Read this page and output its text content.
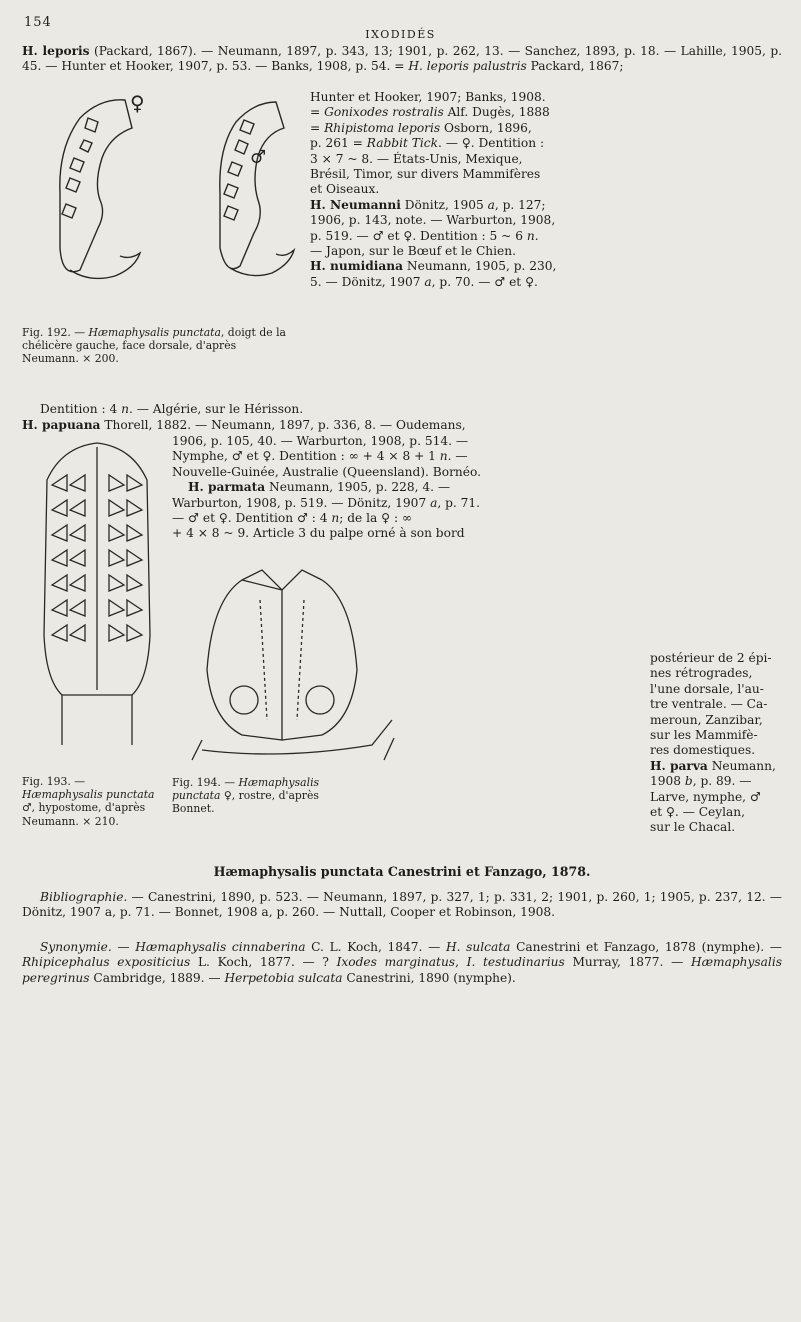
154
IXODIDÉS

H. leporis (Packard, 1867). — Neumann, 1897, p. 343, 13; 1901, p. 262, 13. — Sanchez, 1893, p. 18. — Lahille, 1905, p. 45. — Hunter et Hooker, 1907, p. 53. — Banks, 1908, p. 54. = H. leporis palustris Packard, 1867;

♀
♂

Fig. 192. — Hæmaphysalis punctata, doigt de la chélicère gauche, face dorsale, d'après Neumann. × 200.

Hunter et Hooker, 1907; Banks, 1908.
= Gonixodes rostralis Alf. Dugès, 1888
= Rhipistoma leporis Osborn, 1896,
p. 261 = Rabbit Tick. — ♀. Dentition :
3 × 7 ~ 8. — États-Unis, Mexique,
Brésil, Timor, sur divers Mammifères
et Oiseaux.
H. Neumanni Dönitz, 1905 a, p. 127;
1906, p. 143, note. — Warburton, 1908,
p. 519. — ♂ et ♀. Dentition : 5 ~ 6 n.
— Japon, sur le Bœuf et le Chien.
H. numidiana Neumann, 1905, p. 230,
5. — Dönitz, 1907 a, p. 70. — ♂ et ♀.
Dentition : 4 n. — Algérie, sur le Hérisson.
H. papuana Thorell, 1882. — Neumann, 1897, p. 336, 8. — Oudemans,

Fig. 193. — Hæmaphysalis punctata ♂, hypostome, d'après Neumann. × 210.

1906, p. 105, 40. — Warburton, 1908, p. 514. —
Nymphe, ♂ et ♀. Dentition : ∞ + 4 × 8 + 1 n. —
Nouvelle-Guinée, Australie (Queensland). Bornéo.
H. parmata Neumann, 1905, p. 228, 4. —
Warburton, 1908, p. 519. — Dönitz, 1907 a, p. 71.
— ♂ et ♀. Dentition ♂ : 4 n; de la ♀ : ∞
+ 4 × 8 ~ 9. Article 3 du palpe orné à son bord

Fig. 194. — Hæmaphysalis punctata ♀, rostre, d'après Bonnet.

postérieur de 2 épi-
nes rétrogrades,
l'une dorsale, l'au-
tre ventrale. — Ca-
meroun, Zanzibar,
sur les Mammifè-
res domestiques.
H. parva Neumann,
1908 b, p. 89. —
Larve, nymphe, ♂
et ♀. — Ceylan,
sur le Chacal.
Hæmaphysalis punctata Canestrini et Fanzago, 1878.

Bibliographie. — Canestrini, 1890, p. 523. — Neumann, 1897, p. 327, 1; p. 331, 2; 1901, p. 260, 1; 1905, p. 237, 12. — Dönitz, 1907 a, p. 71. — Bonnet, 1908 a, p. 260. — Nuttall, Cooper et Robinson, 1908.

Synonymie. — Hæmaphysalis cinnaberina C. L. Koch, 1847. — H. sulcata Canestrini et Fanzago, 1878 (nymphe). — Rhipicephalus expositicius L. Koch, 1877. — ? Ixodes marginatus, I. testudinarius Murray, 1877. — Hæmaphysalis peregrinus Cambridge, 1889. — Herpetobia sulcata Canestrini, 1890 (nymphe).
